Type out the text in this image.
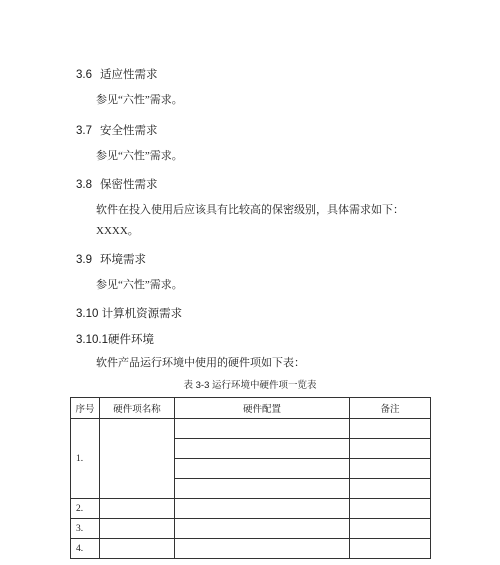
3.6 适应性需求
参见“六性”需求。
3.7 安全性需求
参见“六性”需求。
3.8 保密性需求
软件在投入使用后应该具有比较高的保密级别，具体需求如下：
XXXX。
3.9 环境需求
参见“六性”需求。
3.10 计算机资源需求
3.10.1硬件环境
软件产品运行环境中使用的硬件项如下表：
表 3-3 运行环境中硬件项一览表
序号	硬件项名称	硬件配置	备注
1.			

2.			
3.			
4.			
